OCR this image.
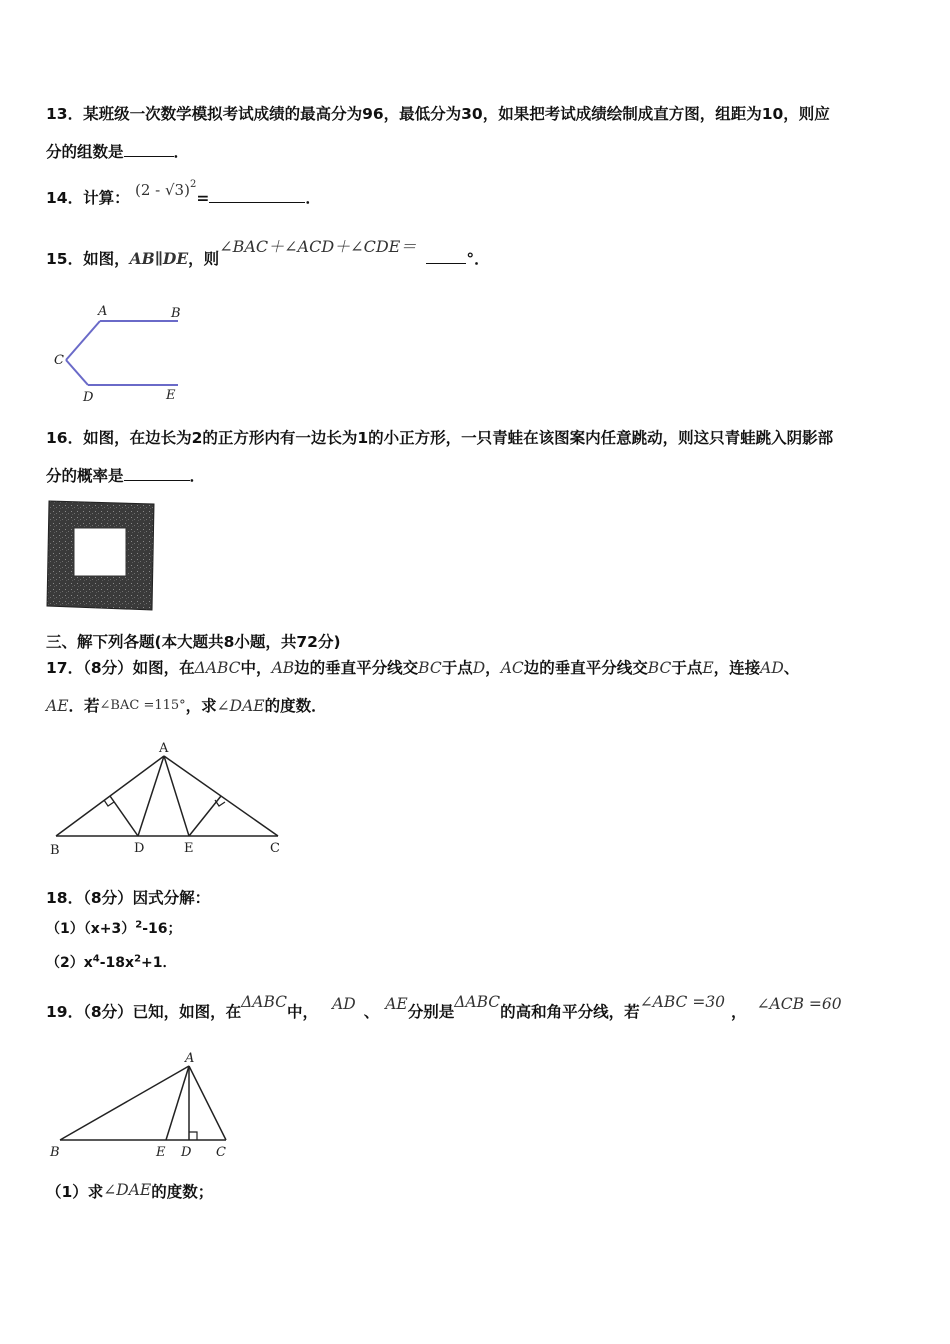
13．某班级一次数学模拟考试成绩的最高分为96，最低分为30，如果把考试成绩绘制成直方图，组距为10，则应
分的组数是	．
14．计算： (2 - √3)$^2$=	．
15．如图，AB∥DE，则∠BAC＋∠ACD＋∠CDE＝°．
A	B
C
D	E
16．如图，在边长为2的正方形内有一边长为1的小正方形，一只青蛙在该图案内任意跳动，则这只青蛙跳入阴影部
分的概率是	．
三、解下列各题(本大题共8小题，共72分)
17．（8分）如图，在ΔABC中，AB边的垂直平分线交BC于点D，AC边的垂直平分线交BC于点E，连接AD、
AE．若∠BAC =115°，求∠DAE的度数．
A
B	D	E	C
18．（8分）因式分解：
$(1)(x+3)^2-16$；
$(2)x^4-18x^2+1$．
19．（8分）已知，如图，在ΔABC中， AD 、 AE分别是ΔABC的高和角平分线，若∠ABC =30， ∠ACB =60
A
B	E D C
（1）求∠DAE的度数；
